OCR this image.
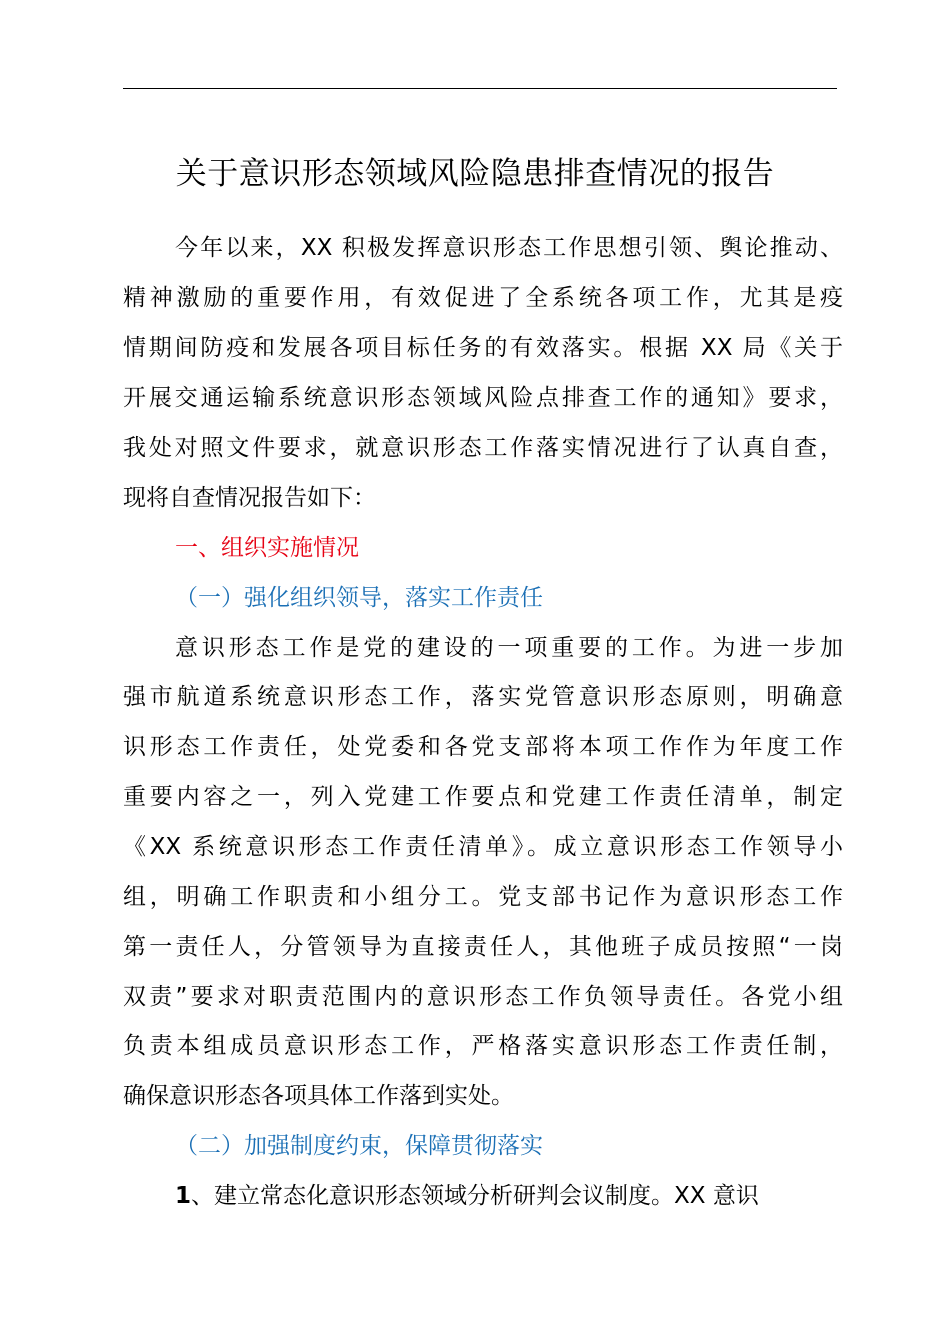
关于意识形态领域风险隐患排查情况的报告
今年以来，XX 积极发挥意识形态工作思想引领、舆论推动、
精神激励的重要作用，有效促进了全系统各项工作，尤其是疫
情期间防疫和发展各项目标任务的有效落实。根据 XX 局《关于
开展交通运输系统意识形态领域风险点排查工作的通知》要求，
我处对照文件要求，就意识形态工作落实情况进行了认真自查，
现将自查情况报告如下：
一、组织实施情况
（一）强化组织领导，落实工作责任
意识形态工作是党的建设的一项重要的工作。为进一步加
强市航道系统意识形态工作，落实党管意识形态原则，明确意
识形态工作责任，处党委和各党支部将本项工作作为年度工作
重要内容之一，列入党建工作要点和党建工作责任清单，制定
《XX 系统意识形态工作责任清单》。成立意识形态工作领导小
组，明确工作职责和小组分工。党支部书记作为意识形态工作
第一责任人，分管领导为直接责任人，其他班子成员按照“一岗
双责”要求对职责范围内的意识形态工作负领导责任。各党小组
负责本组成员意识形态工作，严格落实意识形态工作责任制，
确保意识形态各项具体工作落到实处。
（二）加强制度约束，保障贯彻落实
1、建立常态化意识形态领域分析研判会议制度。XX 意识
